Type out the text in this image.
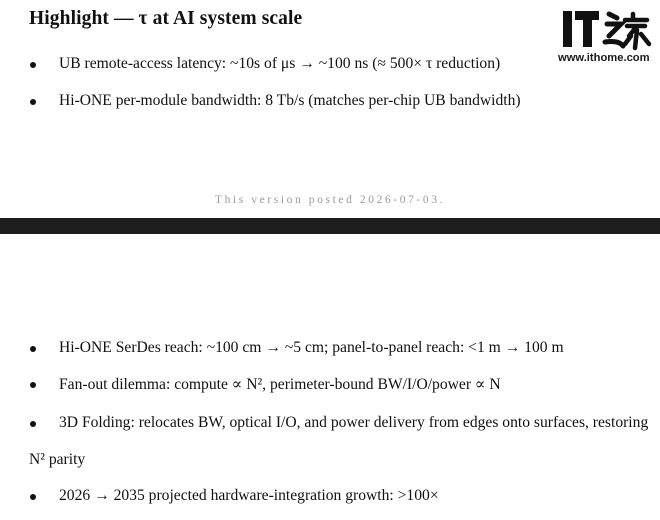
Highlight — τ at AI system scale
www.ithome.com
UB remote-access latency: ~10s of μs → ~100 ns (≈ 500× τ reduction)
Hi-ONE per-module bandwidth: 8 Tb/s (matches per-chip UB bandwidth)
This version posted 2026-07-03.
Hi-ONE SerDes reach: ~100 cm → ~5 cm; panel-to-panel reach: <1 m → 100 m
Fan-out dilemma: compute ∝ N², perimeter-bound BW/I/O/power ∝ N
3D Folding: relocates BW, optical I/O, and power delivery from edges onto surfaces, restoring
N² parity
2026 → 2035 projected hardware-integration growth: >100×
